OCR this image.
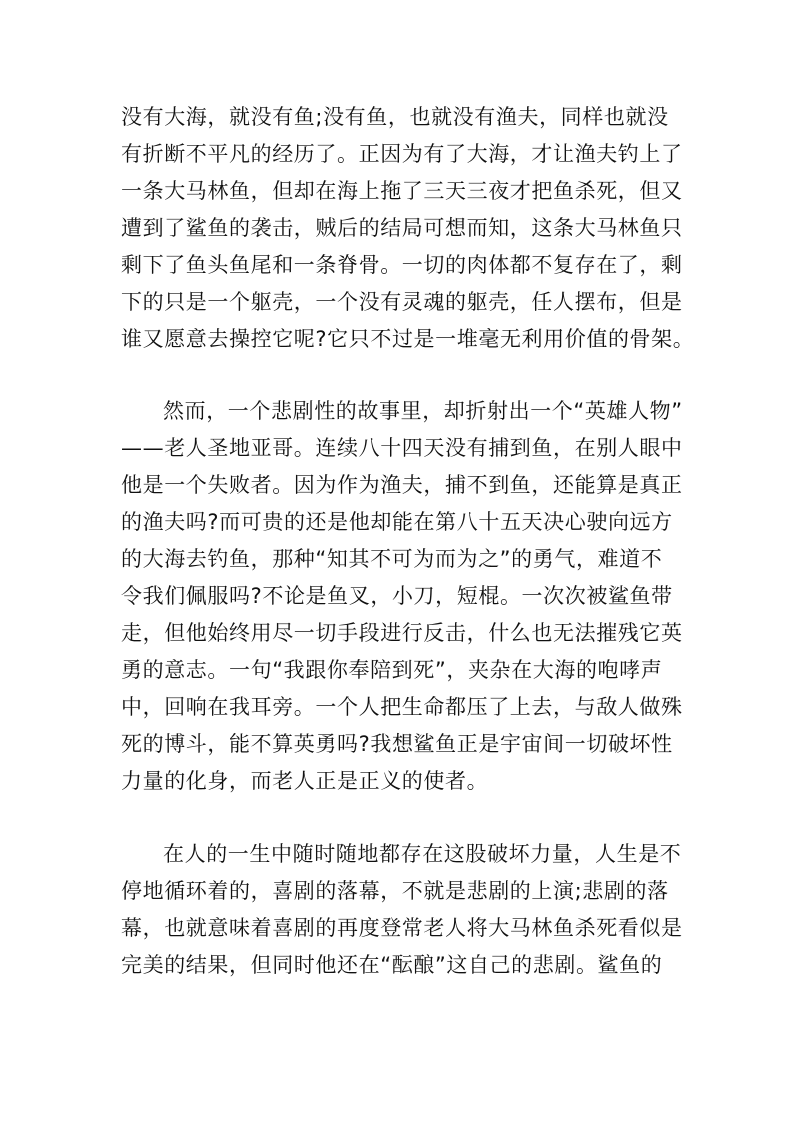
没有大海，就没有鱼;没有鱼，也就没有渔夫，同样也就没
有折断不平凡的经历了。正因为有了大海，才让渔夫钓上了
一条大马林鱼，但却在海上拖了三天三夜才把鱼杀死，但又
遭到了鲨鱼的袭击，贼后的结局可想而知，这条大马林鱼只
剩下了鱼头鱼尾和一条脊骨。一切的肉体都不复存在了，剩
下的只是一个躯壳，一个没有灵魂的躯壳，任人摆布，但是
谁又愿意去操控它呢?它只不过是一堆毫无利用价值的骨架。
然而，一个悲剧性的故事里，却折射出一个“英雄人物”
——老人圣地亚哥。连续八十四天没有捕到鱼，在别人眼中
他是一个失败者。因为作为渔夫，捕不到鱼，还能算是真正
的渔夫吗?而可贵的还是他却能在第八十五天决心驶向远方
的大海去钓鱼，那种“知其不可为而为之”的勇气，难道不
令我们佩服吗?不论是鱼叉，小刀，短棍。一次次被鲨鱼带
走，但他始终用尽一切手段进行反击，什么也无法摧残它英
勇的意志。一句“我跟你奉陪到死”，夹杂在大海的咆哮声
中，回响在我耳旁。一个人把生命都压了上去，与敌人做殊
死的博斗，能不算英勇吗?我想鲨鱼正是宇宙间一切破坏性
力量的化身，而老人正是正义的使者。
在人的一生中随时随地都存在这股破坏力量，人生是不
停地循环着的，喜剧的落幕，不就是悲剧的上演;悲剧的落
幕，也就意味着喜剧的再度登常老人将大马林鱼杀死看似是
完美的结果，但同时他还在“酝酿”这自己的悲剧。鲨鱼的
